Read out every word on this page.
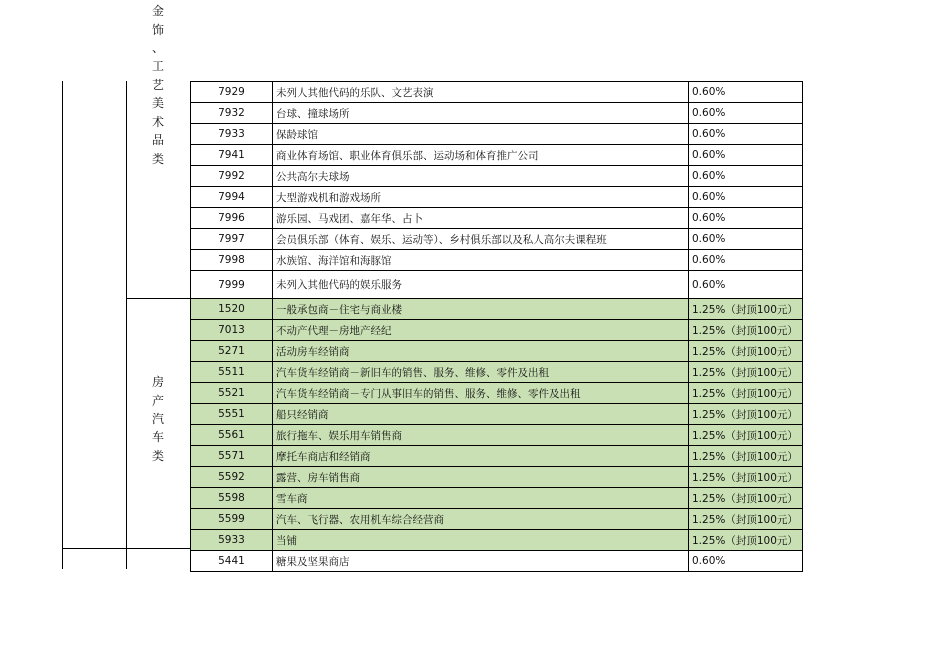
金
饰
、
工
艺
美
术
品
类
房
产
汽
车
类
7929	未列人其他代码的乐队、文艺表演	0.60%
7932	台球、撞球场所	0.60%
7933	保龄球馆	0.60%
7941	商业体育场馆、职业体育俱乐部、运动场和体育推广公司	0.60%
7992	公共高尔夫球场	0.60%
7994	大型游戏机和游戏场所	0.60%
7996	游乐园、马戏团、嘉年华、占卜	0.60%
7997	会员俱乐部（体育、娱乐、运动等）、乡村俱乐部以及私人高尔夫课程班	0.60%
7998	水族馆、海洋馆和海豚馆	0.60%
7999	未列入其他代码的娱乐服务	0.60%
1520	一般承包商－住宅与商业楼	1.25%（封顶100元）
7013	不动产代理－房地产经纪	1.25%（封顶100元）
5271	活动房车经销商	1.25%（封顶100元）
5511	汽车货车经销商－新旧车的销售、服务、维修、零件及出租	1.25%（封顶100元）
5521	汽车货车经销商－专门从事旧车的销售、服务、维修、零件及出租	1.25%（封顶100元）
5551	船只经销商	1.25%（封顶100元）
5561	旅行拖车、娱乐用车销售商	1.25%（封顶100元）
5571	摩托车商店和经销商	1.25%（封顶100元）
5592	露营、房车销售商	1.25%（封顶100元）
5598	雪车商	1.25%（封顶100元）
5599	汽车、飞行器、农用机车综合经营商	1.25%（封顶100元）
5933	当铺	1.25%（封顶100元）
5441	糖果及坚果商店	0.60%
